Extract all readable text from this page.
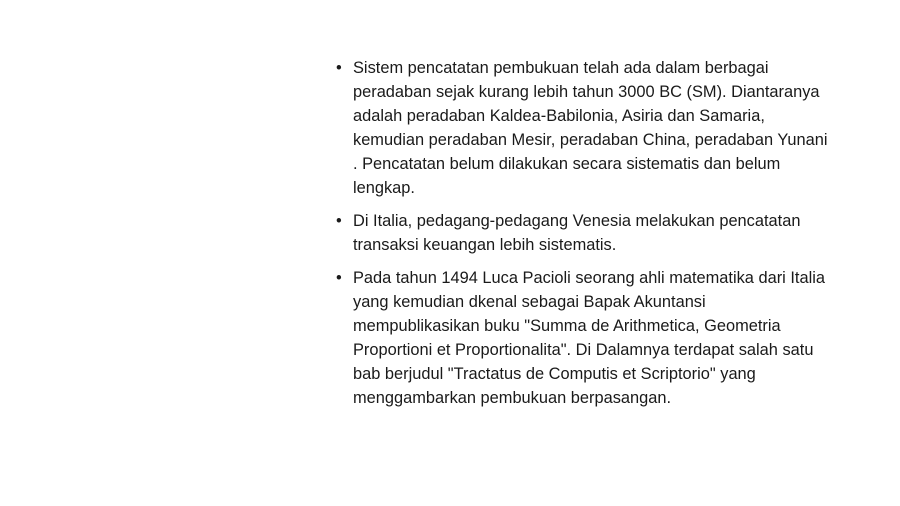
• Sistem pencatatan pembukuan telah ada dalam berbagai peradaban sejak kurang lebih tahun 3000 BC (SM). Diantaranya adalah peradaban Kaldea-Babilonia, Asiria dan Samaria, kemudian peradaban Mesir, peradaban China, peradaban Yunani . Pencatatan belum dilakukan secara sistematis dan belum lengkap.
• Di Italia, pedagang-pedagang Venesia melakukan pencatatan transaksi keuangan lebih sistematis.
• Pada tahun 1494 Luca Pacioli seorang ahli matematika dari Italia yang kemudian dkenal sebagai Bapak Akuntansi mempublikasikan buku "Summa de Arithmetica, Geometria Proportioni et Proportionalita". Di Dalamnya terdapat salah satu bab berjudul "Tractatus de Computis et Scriptorio" yang menggambarkan pembukuan berpasangan.
